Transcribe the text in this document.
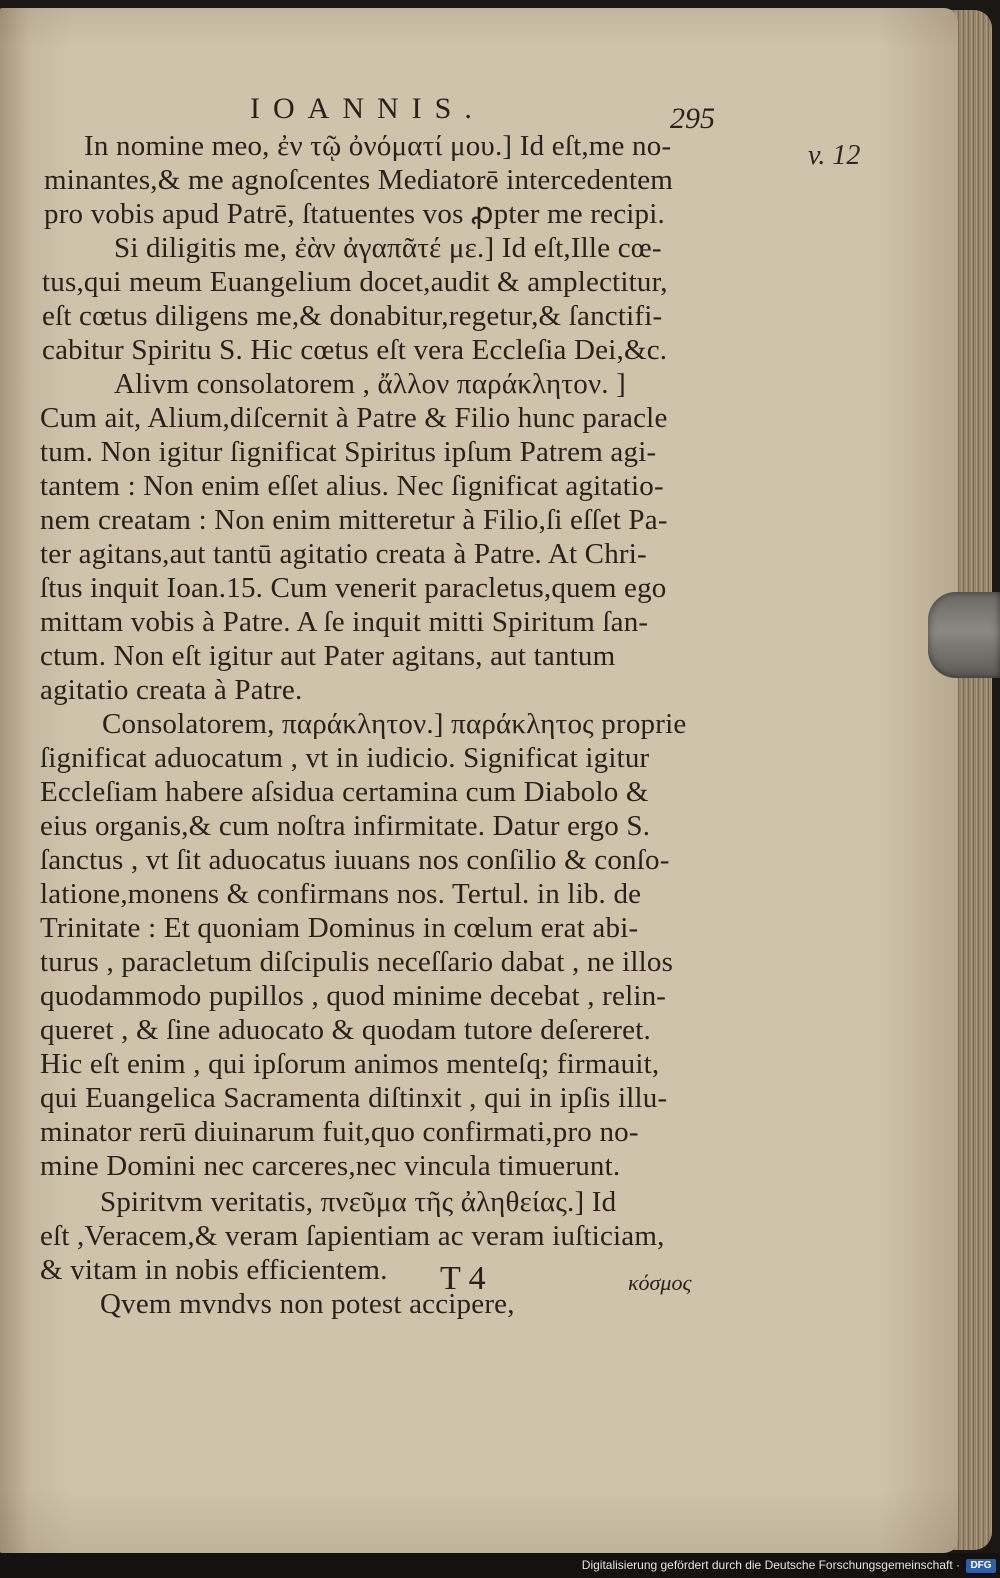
IOANNIS.	295
v. 12
In nomine meo, ἐν τῷ ὀνόματί μου.] Id eſt,me no-
minantes,& me agnoſcentes Mediatorē intercedentem
pro vobis apud Patrē, ſtatuentes vos ꝓpter me recipi.
Si diligitis me, ἐὰν ἀγαπᾶτέ με.] Id eſt,Ille cœ-
tus,qui meum Euangelium docet,audit & amplectitur,
eſt cœtus diligens me,& donabitur,regetur,& ſanctifi-
cabitur Spiritu S. Hic cœtus eſt vera Eccleſia Dei,&c.
Alivm consolatorem , ἄλλον παράκλητον. ]
Cum ait, Alium,diſcernit à Patre & Filio hunc paracle
tum. Non igitur ſignificat Spiritus ipſum Patrem agi-
tantem : Non enim eſſet alius. Nec ſignificat agitatio-
nem creatam : Non enim mitteretur à Filio,ſi eſſet Pa-
ter agitans,aut tantū agitatio creata à Patre. At Chri-
ſtus inquit Ioan.15. Cum venerit paracletus,quem ego
mittam vobis à Patre. A ſe inquit mitti Spiritum ſan-
ctum. Non eſt igitur aut Pater agitans, aut tantum
agitatio creata à Patre.
Consolatorem, παράκλητον.] παράκλητος proprie
ſignificat aduocatum , vt in iudicio. Significat igitur
Eccleſiam habere aſsidua certamina cum Diabolo &
eius organis,& cum noſtra infirmitate. Datur ergo S.
ſanctus , vt ſit aduocatus iuuans nos conſilio & conſo-
latione,monens & confirmans nos. Tertul. in lib. de
Trinitate : Et quoniam Dominus in cœlum erat abi-
turus , paracletum diſcipulis neceſſario dabat , ne illos
quodammodo pupillos , quod minime decebat , relin-
queret , & ſine aduocato & quodam tutore deſereret.
Hic eſt enim , qui ipſorum animos menteſq; firmauit,
qui Euangelica Sacramenta diſtinxit , qui in ipſis illu-
minator rerū diuinarum fuit,quo confirmati,pro no-
mine Domini nec carceres,nec vincula timuerunt.
Spiritvm veritatis, πνεῦμα τῆς ἀληθείας.] Id
eſt ,Veracem,& veram ſapientiam ac veram iuſticiam,
& vitam in nobis efficientem.
Qvem mvndvs non potest accipere,
T 4	κόσμος
Digitalisierung gefördert durch die Deutsche Forschungsgemeinschaft ·	DFG
